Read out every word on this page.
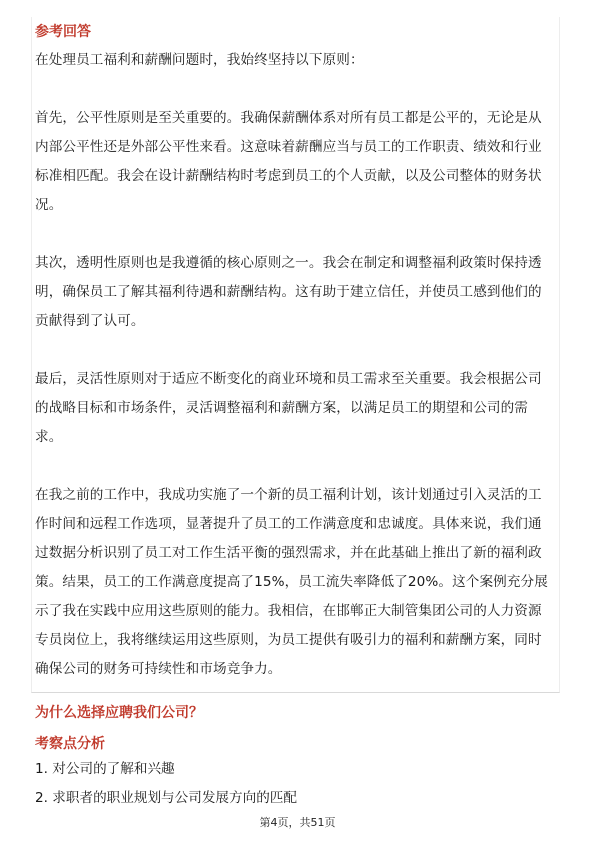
参考回答
在处理员工福利和薪酬问题时，我始终坚持以下原则：
首先，公平性原则是至关重要的。我确保薪酬体系对所有员工都是公平的，无论是从内部公平性还是外部公平性来看。这意味着薪酬应当与员工的工作职责、绩效和行业标准相匹配。我会在设计薪酬结构时考虑到员工的个人贡献，以及公司整体的财务状况。
其次，透明性原则也是我遵循的核心原则之一。我会在制定和调整福利政策时保持透明，确保员工了解其福利待遇和薪酬结构。这有助于建立信任，并使员工感到他们的贡献得到了认可。
最后，灵活性原则对于适应不断变化的商业环境和员工需求至关重要。我会根据公司的战略目标和市场条件，灵活调整福利和薪酬方案，以满足员工的期望和公司的需求。
在我之前的工作中，我成功实施了一个新的员工福利计划，该计划通过引入灵活的工作时间和远程工作选项，显著提升了员工的工作满意度和忠诚度。具体来说，我们通过数据分析识别了员工对工作生活平衡的强烈需求，并在此基础上推出了新的福利政策。结果，员工的工作满意度提高了15%，员工流失率降低了20%。这个案例充分展示了我在实践中应用这些原则的能力。我相信，在邯郸正大制管集团公司的人力资源专员岗位上，我将继续运用这些原则，为员工提供有吸引力的福利和薪酬方案，同时确保公司的财务可持续性和市场竞争力。
为什么选择应聘我们公司？
考察点分析
1. 对公司的了解和兴趣
2. 求职者的职业规划与公司发展方向的匹配
第4页，共51页
